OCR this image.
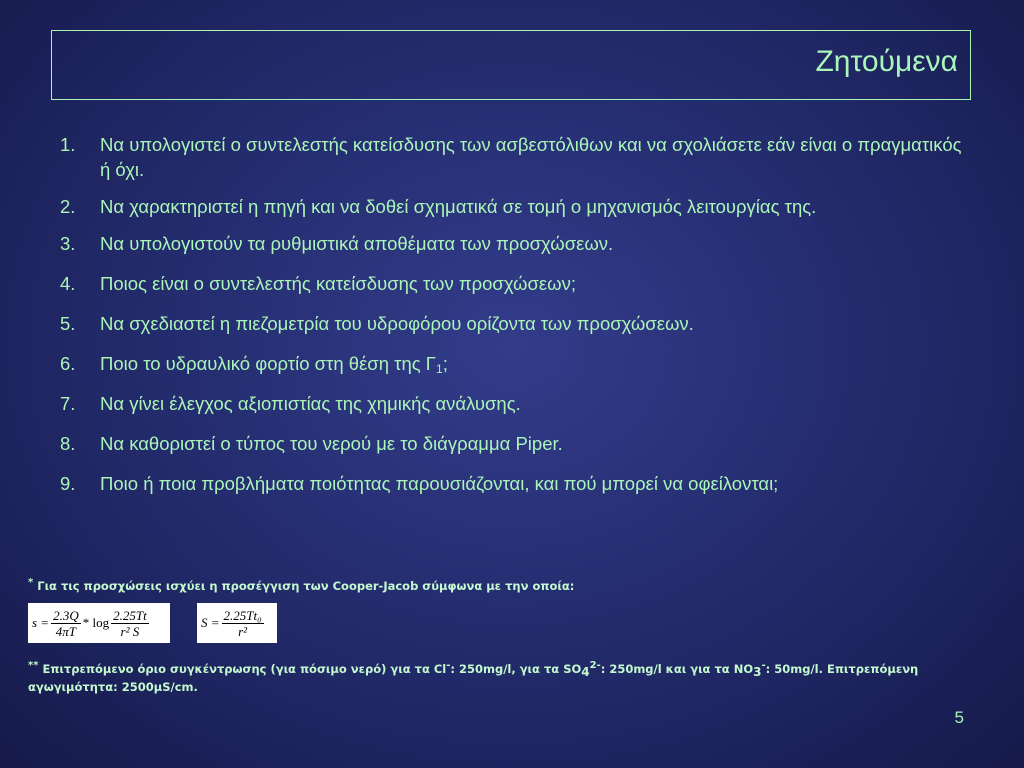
Ζητούμενα
1. Να υπολογιστεί ο συντελεστής κατείσδυσης των ασβεστόλιθων και να σχολιάσετε εάν είναι ο πραγματικός ή όχι.
2. Να χαρακτηριστεί η πηγή και να δοθεί σχηματικά σε τομή ο μηχανισμός λειτουργίας της.
3. Να υπολογιστούν τα ρυθμιστικά αποθέματα των προσχώσεων.
4. Ποιος είναι ο συντελεστής κατείσδυσης των προσχώσεων;
5. Να σχεδιαστεί η πιεζομετρία του υδροφόρου ορίζοντα των προσχώσεων.
6. Ποιο το υδραυλικό φορτίο στη θέση της $\Gamma_1$;
7. Να γίνει έλεγχος αξιοπιστίας της χημικής ανάλυσης.
8. Να καθοριστεί ο τύπος του νερού με το διάγραμμα Piper.
9. Ποιο ή ποια προβλήματα ποιότητας παρουσιάζονται, και πού μπορεί να οφείλονται;
* Για τις προσχώσεις ισχύει η προσέγγιση των Cooper-Jacob σύμφωνα με την οποία:
$s = \frac{2.3Q}{4\pi T} * \log \frac{2.25Tt}{\text{r² S}}$	$S = \frac{\text{2.25Tt₀}}{\text{r²}}$
** Επιτρεπόμενο όριο συγκέντρωσης (για πόσιμο νερό) για τα Cl-: 250mg/l, για τα $SO_4^{2-}$: 250mg/l και για τα $NO_3^-$: 50mg/l. Επιτρεπόμενη αγωγιμότητα: 2500μS/cm.
5
